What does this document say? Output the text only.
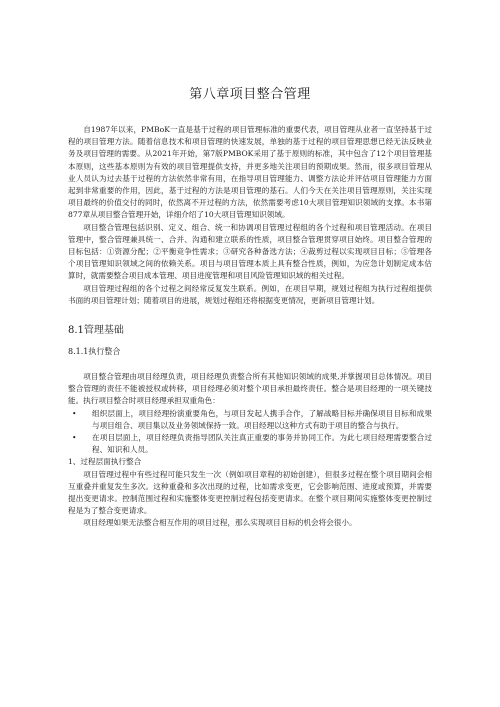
第八章项目整合管理

自1987年以来，PMBoK一直是基于过程的项目管理标准的重要代表，项目管理从业者一直坚持基于过程的项目管理方法。随着信息技术和项目管理的快速发展，单独的基于过程的项目管理思想已经无法反映业务及项目管理的需要。从2021年开始，第7版PMBOK采用了基于原则的标准，其中包含了12个项目管理基本原则，这些基本原则为有效的项目管理提供支持，并更多地关注项目的预期成果。然而，很多项目管理从业人员认为过去基于过程的方法依然非常有用，在指导项目管理能力、调整方法论并评估项目管理能力方面起到非常重要的作用，因此，基于过程的方法是项目管理的基石。人们今天在关注项目管理原则，关注实现项目最终的价值交付的同时，依然离不开过程的方法，依然需要考虑10大项目管理知识领域的支撑。本书第877章从项目整合管理开始，详细介绍了10大项目管理知识领域。

项目整合管理包括识别、定义、组合、统一和协调项目管理过程组的各个过程和项目管理活动。在项目管理中，整合管理兼具统一、合并、沟通和建立联系的性质，项目整合管理贯穿项目始终。项目整合管理的目标包括：①资源分配；②平衡竞争性需求；③研究各种备选方法；④裁剪过程以实现项目目标；⑤管理各个项目管理知识领域之间的依赖关系。项目与项目管理本质上具有整合性质，例如，为应急计划制定成本估算时，就需要整合项目成本管理、项目进度管理和项目风险管理知识域的相关过程。

项目管理过程组的各个过程之间经常反复发生联系。例如，在项目早期，规划过程组为执行过程组提供书面的项目管理计划；随着项目的进展，规划过程组还将根据变更情况，更新项目管理计划。

8.1管理基础
8.1.1执行整合

项目整合管理由项目经理负责，项目经理负责整合所有其他知识领域的成果,并掌握项目总体情况。项目整合管理的责任不能被授权或转移，项目经理必须对整个项目承担最终责任。整合是项目经理的一项关键技能。执行项目整合时项目经理承担双重角色：

• 组织层面上，项目经理扮演重要角色，与项目发起人携手合作，了解战略目标并确保项目目标和成果与项目组合、项目集以及业务领域保持一致。项目经理以这种方式有助于项目的整合与执行。
• 在项目层面上，项目经理负责指导团队关注真正重要的事务并协同工作。为此七项目经理需要整合过程、知识和人员。

1、过程层面执行整合

项目管理过程中有些过程可能只发生一次（例如项目章程的初始创建），但很多过程在整个项目期间会相互重叠并重复发生多次。这种重叠和多次出现的过程，比如需求变更，它会影响范围、进度或预算，并需要提出变更请求。控制范围过程和实施整体变更控制过程包括变更请求。在整个项目期间实施整体变更控制过程是为了整合变更请求。

项目经理如果无法整合相互作用的项目过程，那么实现项目目标的机会将会很小。
